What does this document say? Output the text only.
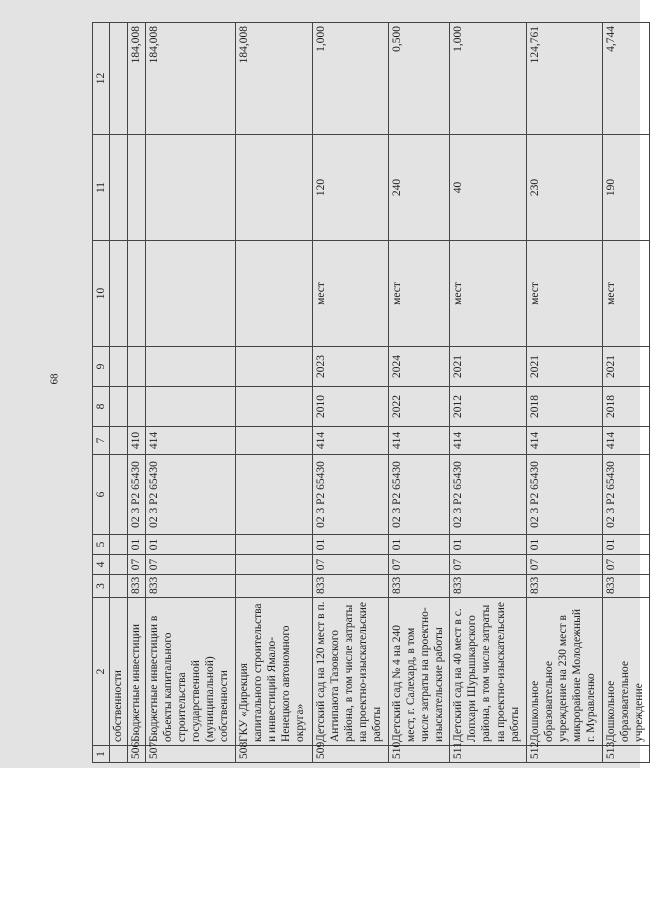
68
1	2	3	4	5	6	7	8	9	10	11	12
	собственности										
506	Бюджетные инвестиции	833	07	01	02 3 P2 65430	410					184,008
507	Бюджетные инвестиции в объекты капитального строительства государственной (муниципальной) собственности	833	07	01	02 3 P2 65430	414					184,008
508	ГКУ «Дирекция капитального строительства и инвестиций Ямало-Ненецкого автономного округа»										184,008
509	Детский сад на 120 мест в п. Антипаюта Тазовского района, в том числе затраты на проектно-изыскательские работы	833	07	01	02 3 P2 65430	414	2010	2023	мест	120	1,000
510	Детский сад № 4 на 240 мест, г. Салехард, в том числе затраты на проектно-изыскательские работы	833	07	01	02 3 P2 65430	414	2022	2024	мест	240	0,500
511	Детский сад на 40 мест в с. Лопхари Шурышкарского района, в том числе затраты на проектно-изыскательские работы	833	07	01	02 3 P2 65430	414	2012	2021	мест	40	1,000
512	Дошкольное образовательное учреждение на 230 мест в микрорайоне Молодежный г. Муравленко	833	07	01	02 3 P2 65430	414	2018	2021	мест	230	124,761
513	Дошкольное образовательное учреждение	833	07	01	02 3 P2 65430	414	2018	2021	мест	190	4,744
